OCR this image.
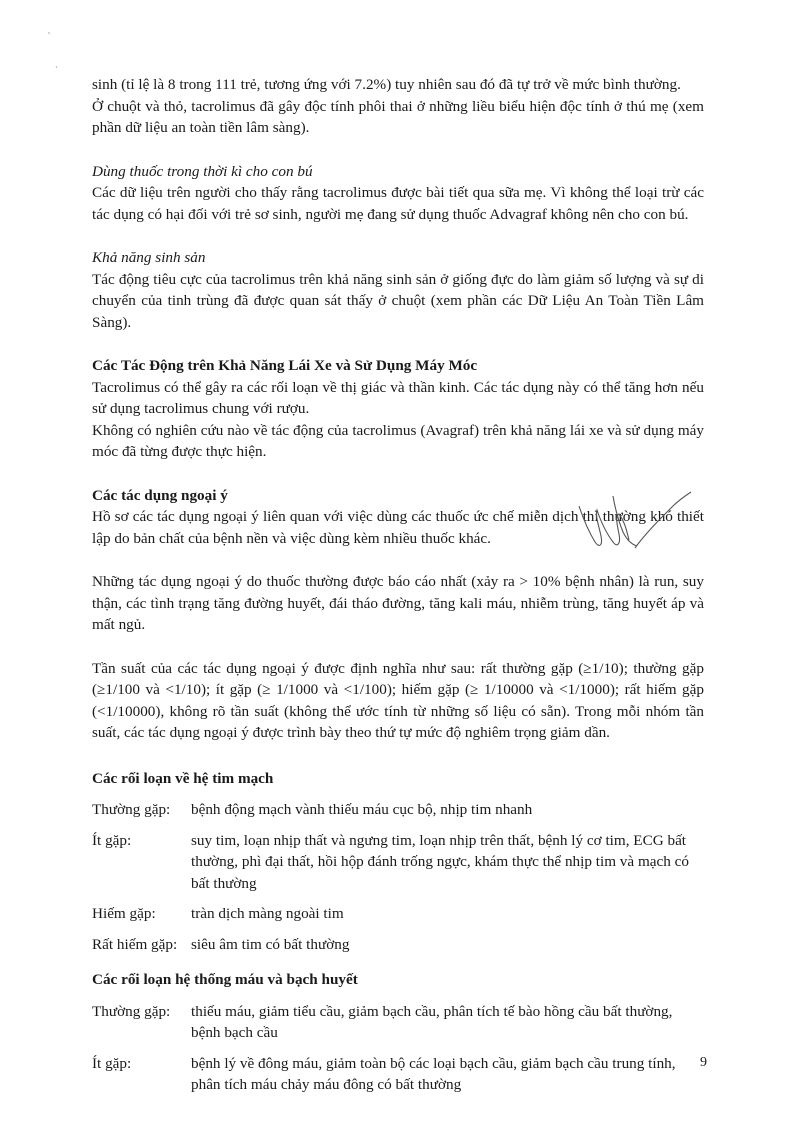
sinh (tỉ lệ là 8 trong 111 trẻ, tương ứng với 7.2%) tuy nhiên sau đó đã tự trở về mức bình thường.

Ở chuột và thỏ, tacrolimus đã gây độc tính phôi thai ở những liều biểu hiện độc tính ở thú mẹ (xem phần dữ liệu an toàn tiền lâm sàng).

Dùng thuốc trong thời kì cho con bú

Các dữ liệu trên người cho thấy rằng tacrolimus được bài tiết qua sữa mẹ. Vì không thể loại trừ các tác dụng có hại đối với trẻ sơ sinh, người mẹ đang sử dụng thuốc Advagraf không nên cho con bú.

Khả năng sinh sản

Tác động tiêu cực của tacrolimus trên khả năng sinh sản ở giống đực do làm giảm số lượng và sự di chuyển của tinh trùng đã được quan sát thấy ở chuột (xem phần các Dữ Liệu An Toàn Tiền Lâm Sàng).

Các Tác Động trên Khả Năng Lái Xe và Sử Dụng Máy Móc

Tacrolimus có thể gây ra các rối loạn về thị giác và thần kinh. Các tác dụng này có thể tăng hơn nếu sử dụng tacrolimus chung với rượu.

Không có nghiên cứu nào về tác động của tacrolimus (Avagraf) trên khả năng lái xe và sử dụng máy móc đã từng được thực hiện.

Các tác dụng ngoại ý

Hồ sơ các tác dụng ngoại ý liên quan với việc dùng các thuốc ức chế miễn dịch thì thường khó thiết lập do bản chất của bệnh nền và việc dùng kèm nhiều thuốc khác.

Những tác dụng ngoại ý do thuốc thường được báo cáo nhất (xảy ra > 10% bệnh nhân) là run, suy thận, các tình trạng tăng đường huyết, đái tháo đường, tăng kali máu, nhiễm trùng, tăng huyết áp và mất ngủ.

Tần suất của các tác dụng ngoại ý được định nghĩa như sau: rất thường gặp (≥1/10); thường gặp (≥1/100 và <1/10); ít gặp (≥ 1/1000 và <1/100); hiếm gặp (≥ 1/10000 và <1/1000); rất hiếm gặp (<1/10000), không rõ tần suất (không thể ước tính từ những số liệu có sẵn). Trong mỗi nhóm tần suất, các tác dụng ngoại ý được trình bày theo thứ tự mức độ nghiêm trọng giảm dần.

Các rối loạn về hệ tim mạch

Thường gặp:	bệnh động mạch vành thiếu máu cục bộ, nhịp tim nhanh
Ít gặp:	suy tim, loạn nhịp thất và ngưng tim, loạn nhịp trên thất, bệnh lý cơ tim, ECG bất thường, phì đại thất, hồi hộp đánh trống ngực, khám thực thể nhịp tim và mạch có bất thường
Hiếm gặp:	tràn dịch màng ngoài tim
Rất hiếm gặp: siêu âm tim có bất thường

Các rối loạn hệ thống máu và bạch huyết

Thường gặp:	thiếu máu, giảm tiểu cầu, giảm bạch cầu, phân tích tế bào hồng cầu bất thường, bệnh bạch cầu
Ít gặp:	bệnh lý về đông máu, giảm toàn bộ các loại bạch cầu, giảm bạch cầu trung tính, phân tích máu chảy máu đông có bất thường
9
